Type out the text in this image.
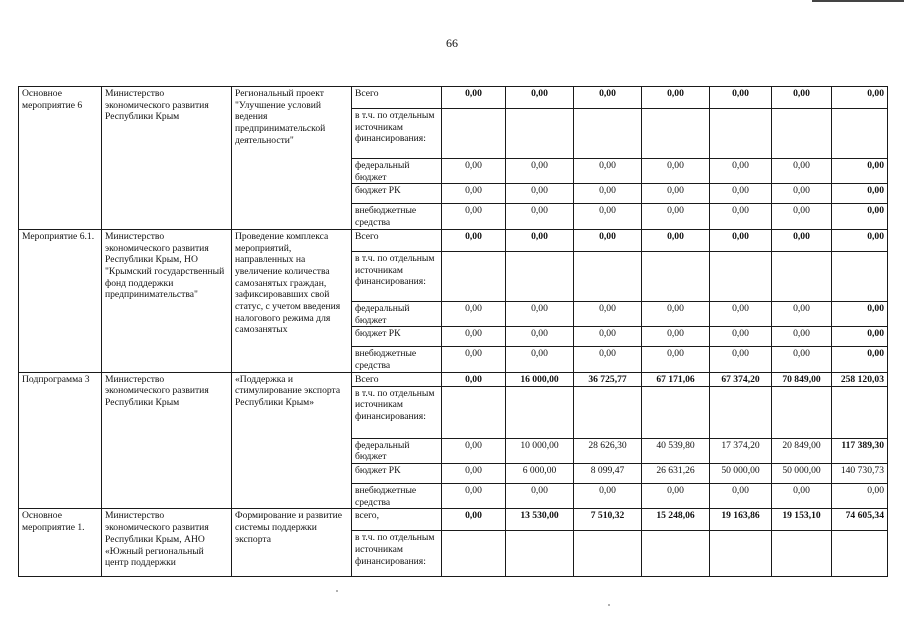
66
Основное мероприятие 6	Министерство экономического развития Республики Крым	Региональный проект "Улучшение условий ведения предпринимательской деятельности"	Всего	0,00	0,00	0,00	0,00	0,00	0,00	0,00
			в т.ч. по отдельным источникам финансирования:							
			федеральный бюджет	0,00	0,00	0,00	0,00	0,00	0,00	0,00
			бюджет РК	0,00	0,00	0,00	0,00	0,00	0,00	0,00
			внебюджетные средства	0,00	0,00	0,00	0,00	0,00	0,00	0,00
Мероприятие 6.1.	Министерство экономического развития Республики Крым, НО "Крымский государственный фонд поддержки предпринимательства"	Проведение комплекса мероприятий, направленных на увеличение количества самозанятых граждан, зафиксировавших свой статус, с учетом введения налогового режима для самозанятых	Всего	0,00	0,00	0,00	0,00	0,00	0,00	0,00
			в т.ч. по отдельным источникам финансирования:							
			федеральный бюджет	0,00	0,00	0,00	0,00	0,00	0,00	0,00
			бюджет РК	0,00	0,00	0,00	0,00	0,00	0,00	0,00
			внебюджетные средства	0,00	0,00	0,00	0,00	0,00	0,00	0,00
Подпрограмма 3	Министерство экономического развития Республики Крым	«Поддержка и стимулирование экспорта Республики Крым»	Всего	0,00	16 000,00	36 725,77	67 171,06	67 374,20	70 849,00	258 120,03
			в т.ч. по отдельным источникам финансирования:							
			федеральный бюджет	0,00	10 000,00	28 626,30	40 539,80	17 374,20	20 849,00	117 389,30
			бюджет РК	0,00	6 000,00	8 099,47	26 631,26	50 000,00	50 000,00	140 730,73
			внебюджетные средства	0,00	0,00	0,00	0,00	0,00	0,00	0,00
Основное мероприятие 1.	Министерство экономического развития Республики Крым, АНО «Южный региональный центр поддержки	Формирование и развитие системы поддержки экспорта	всего,	0,00	13 530,00	7 510,32	15 248,06	19 163,86	19 153,10	74 605,34
			в т.ч. по отдельным источникам финансирования:							
